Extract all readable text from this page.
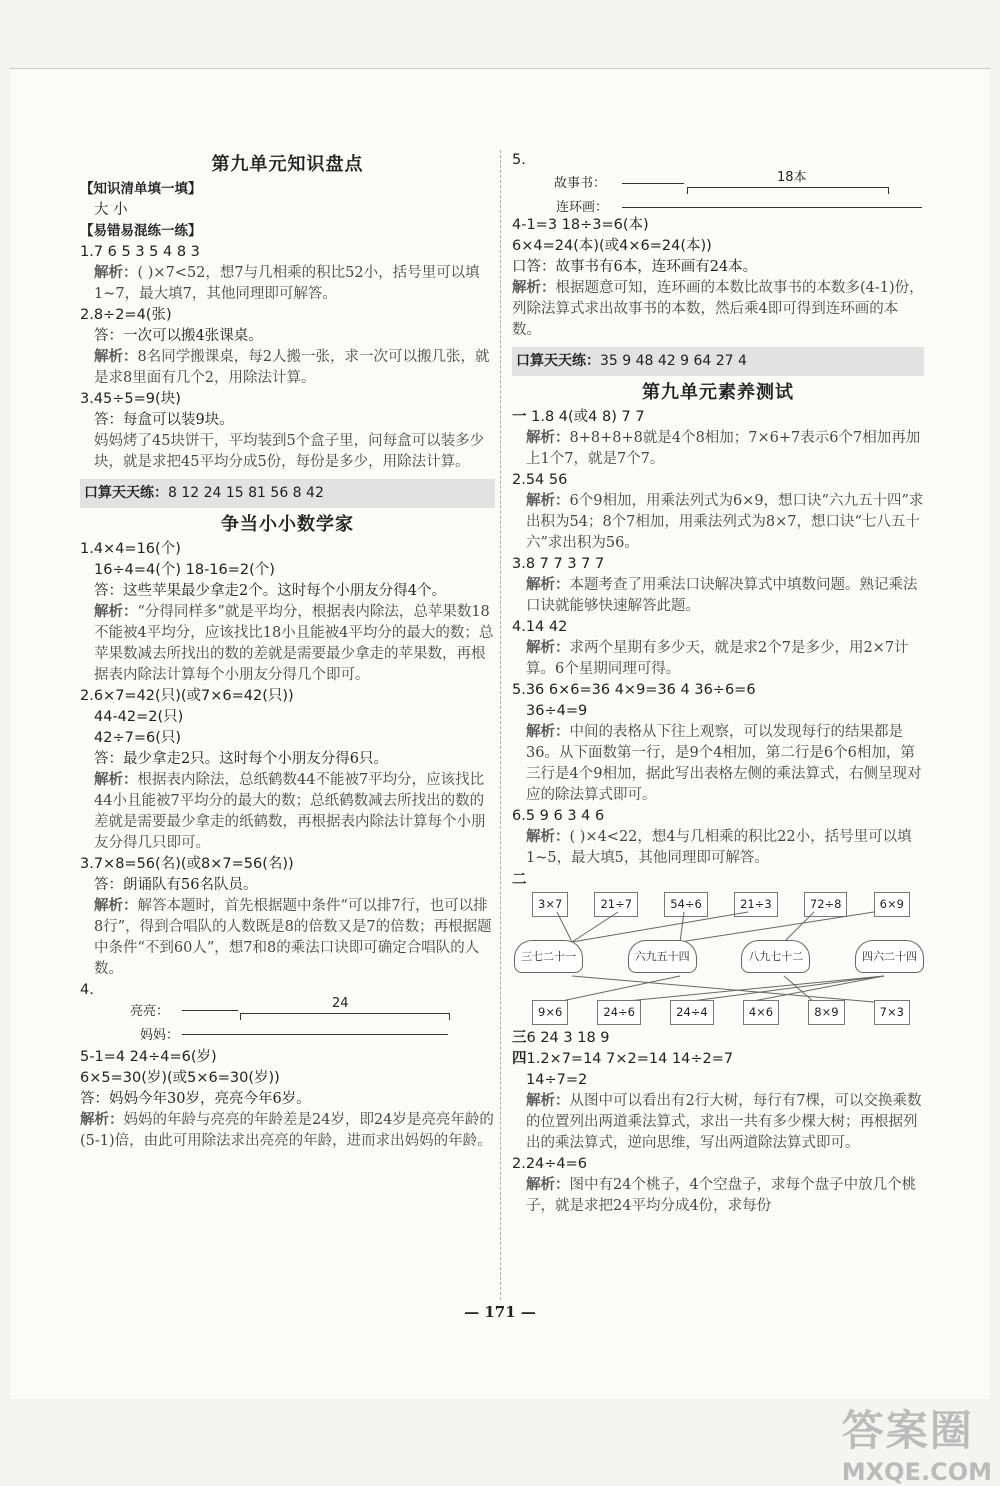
第九单元知识盘点
【知识清单填一填】
大 小
【易错易混练一练】
1.7 6 5 3 5 4 8 3
解析：( )×7<52，想7与几相乘的积比52小，括号里可以填1~7，最大填7，其他同理即可解答。
2.8÷2=4(张)
答：一次可以搬4张课桌。
解析：8名同学搬课桌，每2人搬一张，求一次可以搬几张，就是求8里面有几个2，用除法计算。
3.45÷5=9(块)
答：每盒可以装9块。
妈妈烤了45块饼干，平均装到5个盒子里，问每盒可以装多少块，就是求把45平均分成5份，每份是多少，用除法计算。
口算天天练：8 12 24 15 81 56 8 42
争当小小数学家
1.4×4=16(个)
16÷4=4(个) 18-16=2(个)
答：这些苹果最少拿走2个。这时每个小朋友分得4个。
解析：“分得同样多”就是平均分，根据表内除法，总苹果数18不能被4平均分，应该找比18小且能被4平均分的最大的数；总苹果数减去所找出的数的差就是需要最少拿走的苹果数，再根据表内除法计算每个小朋友分得几个即可。
2.6×7=42(只)(或7×6=42(只))
44-42=2(只)
42÷7=6(只)
答：最少拿走2只。这时每个小朋友分得6只。
解析：根据表内除法，总纸鹤数44不能被7平均分，应该找比44小且能被7平均分的最大的数；总纸鹤数减去所找出的数的差就是需要最少拿走的纸鹤数，再根据表内除法计算每个小朋友分得几只即可。
3.7×8=56(名)(或8×7=56(名))
答：朗诵队有56名队员。
解析：解答本题时，首先根据题中条件“可以排7行，也可以排8行”，得到合唱队的人数既是8的倍数又是7的倍数；再根据题中条件“不到60人”，想7和8的乘法口诀即可确定合唱队的人数。
4.
亮亮：
24
妈妈：
5-1=4 24÷4=6(岁)
6×5=30(岁)(或5×6=30(岁))
答：妈妈今年30岁，亮亮今年6岁。
解析：妈妈的年龄与亮亮的年龄差是24岁，即24岁是亮亮年龄的(5-1)倍，由此可用除法求出亮亮的年龄，进而求出妈妈的年龄。
5.
故事书：	18本
连环画：
4-1=3 18÷3=6(本)
6×4=24(本)(或4×6=24(本))
口答：故事书有6本，连环画有24本。
解析：根据题意可知，连环画的本数比故事书的本数多(4-1)份，列除法算式求出故事书的本数，然后乘4即可得到连环画的本数。
口算天天练：35 9 48 42 9 64 27 4
第九单元素养测试
一 1.8 4(或4 8) 7 7
解析：8+8+8+8就是4个8相加；7×6+7表示6个7相加再加上1个7，就是7个7。
2.54 56
解析：6个9相加，用乘法列式为6×9，想口诀“六九五十四”求出积为54；8个7相加，用乘法列式为8×7，想口诀“七八五十六”求出积为56。
3.8 7 7 3 7 7
解析：本题考查了用乘法口诀解决算式中填数问题。熟记乘法口诀就能够快速解答此题。
4.14 42
解析：求两个星期有多少天，就是求2个7是多少，用2×7计算。6个星期同理可得。
5.36 6×6=36 4×9=36 4 36÷6=6
36÷4=9
解析：中间的表格从下往上观察，可以发现每行的结果都是36。从下面数第一行，是9个4相加，第二行是6个6相加，第三行是4个9相加，据此写出表格左侧的乘法算式，右侧呈现对应的除法算式即可。
6.5 9 6 3 4 6
解析：( )×4<22，想4与几相乘的积比22小，括号里可以填1~5，最大填5，其他同理即可解答。
二
3×7	21÷7	54÷6	21÷3	72÷8	6×9
三七二十一	六九五十四	八九七十二	四六二十四
9×6	24÷6	24÷4	4×6	8×9	7×3
三6 24 3 18 9
四1.2×7=14 7×2=14 14÷2=7
14÷7=2
解析：从图中可以看出有2行大树，每行有7棵，可以交换乘数的位置列出两道乘法算式，求出一共有多少棵大树；再根据列出的乘法算式，逆向思维，写出两道除法算式即可。
2.24÷4=6
解析：图中有24个桃子，4个空盘子，求每个盘子中放几个桃子，就是求把24平均分成4份，求每份
— 171 —
答案圈
MXQE.COM
